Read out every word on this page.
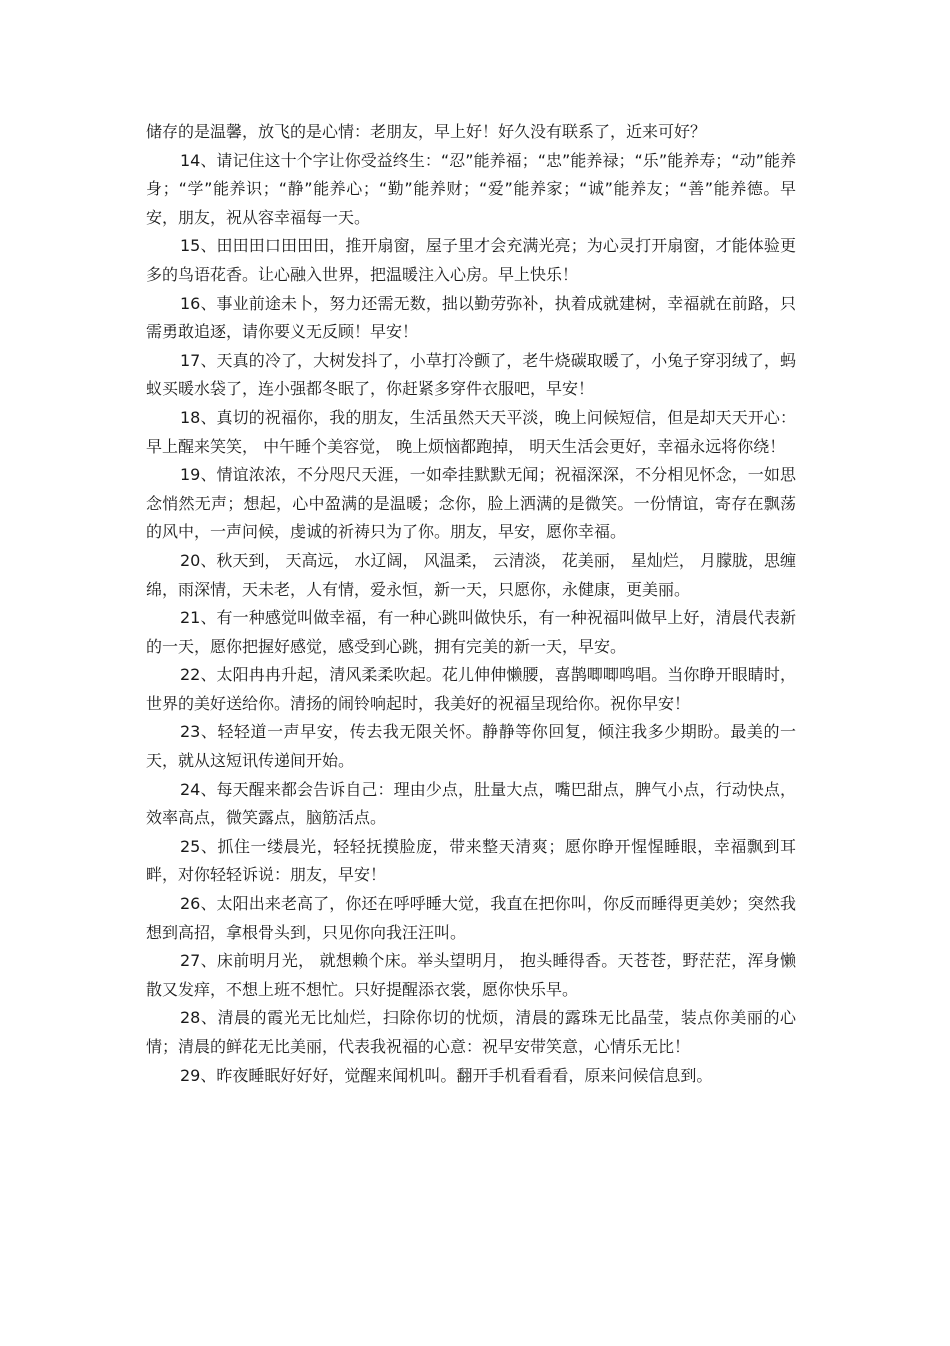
储存的是温馨，放飞的是心情：老朋友，早上好！好久没有联系了，近来可好？

14、请记住这十个字让你受益终生：“忍”能养福；“忠”能养禄；“乐”能养寿；“动”能养身；“学”能养识；“静”能养心；“勤”能养财；“爱”能养家；“诚”能养友；“善”能养德。早安，朋友，祝从容幸福每一天。

15、田田田口田田田，推开扇窗，屋子里才会充满光亮；为心灵打开扇窗，才能体验更多的鸟语花香。让心融入世界，把温暖注入心房。早上快乐！

16、事业前途未卜，努力还需无数，拙以勤劳弥补，执着成就建树，幸福就在前路，只需勇敢追逐，请你要义无反顾！早安！

17、天真的冷了，大树发抖了，小草打冷颤了，老牛烧碳取暖了，小兔子穿羽绒了，蚂蚁买暖水袋了，连小强都冬眠了，你赶紧多穿件衣服吧，早安！

18、真切的祝福你，我的朋友，生活虽然天天平淡，晚上问候短信，但是却天天开心：早上醒来笑笑， 中午睡个美容觉， 晚上烦恼都跑掉， 明天生活会更好，幸福永远将你绕！

19、情谊浓浓，不分咫尺天涯，一如牵挂默默无闻；祝福深深，不分相见怀念，一如思念悄然无声；想起，心中盈满的是温暖；念你，脸上洒满的是微笑。一份情谊，寄存在飘荡的风中，一声问候，虔诚的祈祷只为了你。朋友，早安，愿你幸福。

20、秋天到， 天高远， 水辽阔， 风温柔， 云清淡， 花美丽， 星灿烂， 月朦胧，思缠绵，雨深情，天未老，人有情，爱永恒，新一天，只愿你，永健康，更美丽。

21、有一种感觉叫做幸福，有一种心跳叫做快乐，有一种祝福叫做早上好，清晨代表新的一天，愿你把握好感觉，感受到心跳，拥有完美的新一天，早安。

22、太阳冉冉升起，清风柔柔吹起。花儿伸伸懒腰，喜鹊唧唧鸣唱。当你睁开眼睛时，世界的美好送给你。清扬的闹铃响起时，我美好的祝福呈现给你。祝你早安！

23、轻轻道一声早安，传去我无限关怀。静静等你回复，倾注我多少期盼。最美的一天，就从这短讯传递间开始。

24、每天醒来都会告诉自己：理由少点，肚量大点，嘴巴甜点，脾气小点，行动快点，效率高点，微笑露点，脑筋活点。

25、抓住一缕晨光，轻轻抚摸脸庞，带来整天清爽；愿你睁开惺惺睡眼，幸福飘到耳畔，对你轻轻诉说：朋友，早安！

26、太阳出来老高了，你还在呼呼睡大觉，我直在把你叫，你反而睡得更美妙；突然我想到高招，拿根骨头到，只见你向我汪汪叫。

27、床前明月光， 就想赖个床。举头望明月， 抱头睡得香。天苍苍，野茫茫，浑身懒散又发痒，不想上班不想忙。只好提醒添衣裳，愿你快乐早。

28、清晨的霞光无比灿烂，扫除你切的忧烦，清晨的露珠无比晶莹，装点你美丽的心情；清晨的鲜花无比美丽，代表我祝福的心意：祝早安带笑意，心情乐无比！

29、昨夜睡眠好好好，觉醒来闻机叫。翻开手机看看看，原来问候信息到。
